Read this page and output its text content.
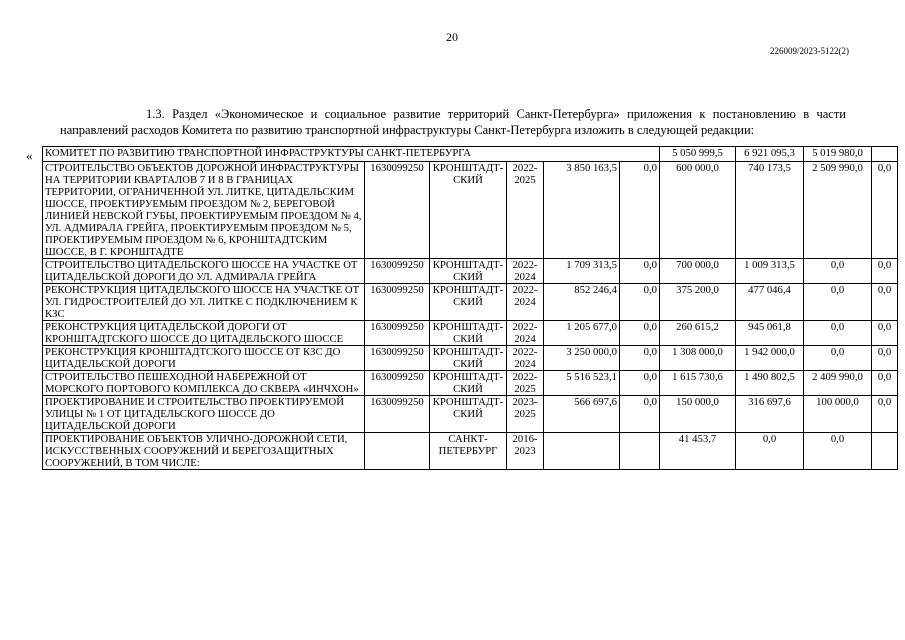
20
226009/2023-5122(2)
1.3. Раздел «Экономическое и социальное развитие территорий Санкт-Петербурга» приложения к постановлению в части направлений расходов Комитета по развитию транспортной инфраструктуры Санкт-Петербурга изложить в следующей редакции:
« КОМИТЕТ ПО РАЗВИТИЮ ТРАНСПОРТНОЙ ИНФРАСТРУКТУРЫ САНКТ-ПЕТЕРБУРГА						5 050 999,5	6 921 095,3	5 019 980,0	
СТРОИТЕЛЬСТВО ОБЪЕКТОВ ДОРОЖНОЙ ИНФРАСТРУКТУРЫ НА ТЕРРИТОРИИ КВАРТАЛОВ 7 И 8 В ГРАНИЦАХ ТЕРРИТОРИИ, ОГРАНИЧЕННОЙ УЛ. ЛИТКЕ, ЦИТАДЕЛЬСКИМ ШОССЕ, ПРОЕКТИРУЕМЫМ ПРОЕЗДОМ № 2, БЕРЕГОВОЙ ЛИНИЕЙ НЕВСКОЙ ГУБЫ, ПРОЕКТИРУЕМЫМ ПРОЕЗДОМ № 4, УЛ. АДМИРАЛА ГРЕЙГА, ПРОЕКТИРУЕМЫМ ПРОЕЗДОМ № 5, ПРОЕКТИРУЕМЫМ ПРОЕЗДОМ № 6, КРОНШТАДТСКИМ ШОССЕ, В Г. КРОНШТАДТЕ	1630099250	КРОНШТАДТ-СКИЙ	2022-2025	3 850 163,5	0,0	600 000,0	740 173,5	2 509 990,0	0,0
СТРОИТЕЛЬСТВО ЦИТАДЕЛЬСКОГО ШОССЕ НА УЧАСТКЕ ОТ ЦИТАДЕЛЬСКОЙ ДОРОГИ ДО УЛ. АДМИРАЛА ГРЕЙГА	1630099250	КРОНШТАДТ-СКИЙ	2022-2024	1 709 313,5	0,0	700 000,0	1 009 313,5	0,0	0,0
РЕКОНСТРУКЦИЯ ЦИТАДЕЛЬСКОГО ШОССЕ НА УЧАСТКЕ ОТ УЛ. ГИДРОСТРОИТЕЛЕЙ ДО УЛ. ЛИТКЕ С ПОДКЛЮЧЕНИЕМ К КЗС	1630099250	КРОНШТАДТ-СКИЙ	2022-2024	852 246,4	0,0	375 200,0	477 046,4	0,0	0,0
РЕКОНСТРУКЦИЯ ЦИТАДЕЛЬСКОЙ ДОРОГИ ОТ КРОНШТАДТСКОГО ШОССЕ ДО ЦИТАДЕЛЬСКОГО ШОССЕ	1630099250	КРОНШТАДТ-СКИЙ	2022-2024	1 205 677,0	0,0	260 615,2	945 061,8	0,0	0,0
РЕКОНСТРУКЦИЯ КРОНШТАДТСКОГО ШОССЕ ОТ КЗС ДО ЦИТАДЕЛЬСКОЙ ДОРОГИ	1630099250	КРОНШТАДТ-СКИЙ	2022-2024	3 250 000,0	0,0	1 308 000,0	1 942 000,0	0,0	0,0
СТРОИТЕЛЬСТВО ПЕШЕХОДНОЙ НАБЕРЕЖНОЙ ОТ МОРСКОГО ПОРТОВОГО КОМПЛЕКСА ДО СКВЕРА «ИНЧХОН»	1630099250	КРОНШТАДТ-СКИЙ	2022-2025	5 516 523,1	0,0	1 615 730,6	1 490 802,5	2 409 990,0	0,0
ПРОЕКТИРОВАНИЕ И СТРОИТЕЛЬСТВО ПРОЕКТИРУЕМОЙ УЛИЦЫ № 1 ОТ ЦИТАДЕЛЬСКОГО ШОССЕ ДО ЦИТАДЕЛЬСКОЙ ДОРОГИ	1630099250	КРОНШТАДТ-СКИЙ	2023-2025	566 697,6	0,0	150 000,0	316 697,6	100 000,0	0,0
ПРОЕКТИРОВАНИЕ ОБЪЕКТОВ УЛИЧНО-ДОРОЖНОЙ СЕТИ, ИСКУССТВЕННЫХ СООРУЖЕНИЙ И БЕРЕГОЗАЩИТНЫХ СООРУЖЕНИЙ, В ТОМ ЧИСЛЕ:		САНКТ-ПЕТЕРБУРГ	2016-2023			41 453,7	0,0	0,0	
